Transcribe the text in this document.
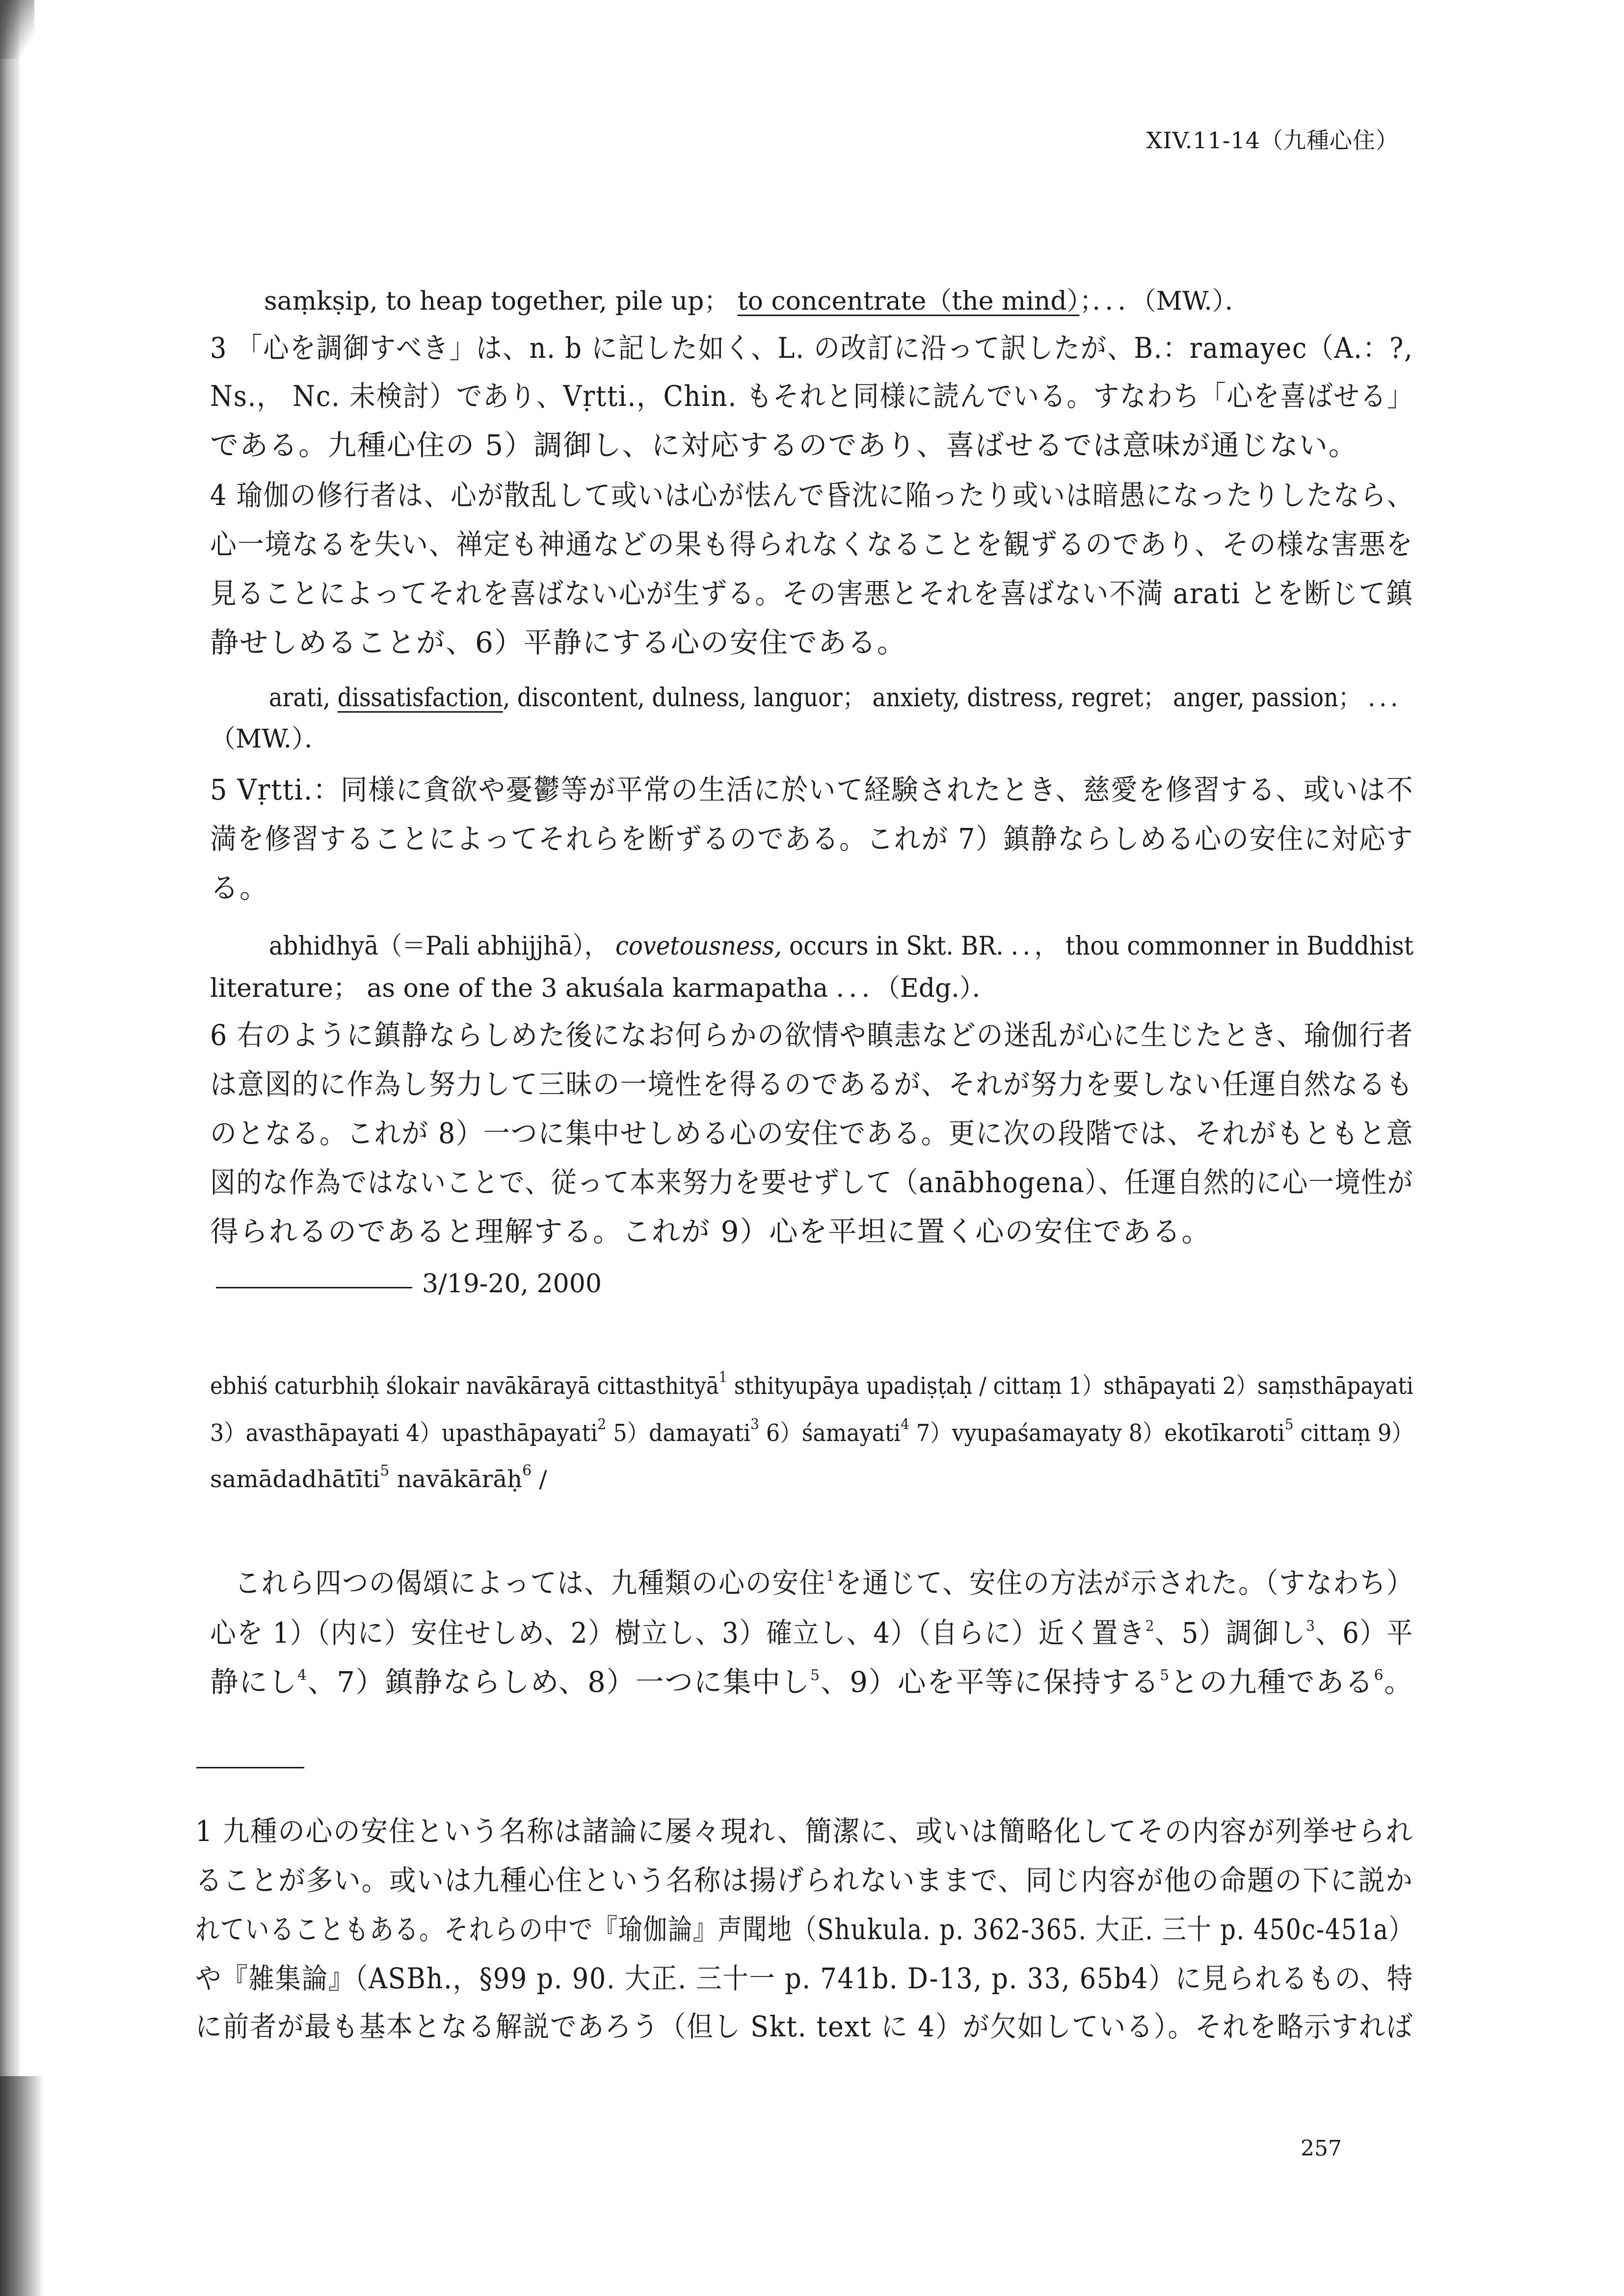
XIV.11-14（九種心住）
saṃkṣip, to heap together, pile up； to concentrate（the mind）；．．．（MW.）．
3 「心を調御すべき」は、n. b に記した如く、L. の改訂に沿って訳したが、B.：ramayec（A.：?,
Ns.， Nc. 未検討）であり、Vṛtti.，Chin. もそれと同様に読んでいる。すなわち「心を喜ばせる」
である。九種心住の 5）調御し、に対応するのであり、喜ばせるでは意味が通じない。
4 瑜伽の修行者は、心が散乱して或いは心が怯んで昏沈に陥ったり或いは暗愚になったりしたなら、
心一境なるを失い、禅定も神通などの果も得られなくなることを観ずるのであり、その様な害悪を
見ることによってそれを喜ばない心が生ずる。その害悪とそれを喜ばない不満 arati とを断じて鎮
静せしめることが、6）平静にする心の安住である。
arati, dissatisfaction, discontent, dulness, languor； anxiety, distress, regret； anger, passion； ．．．
（MW.）．
5 Vṛtti.：同様に貪欲や憂鬱等が平常の生活に於いて経験されたとき、慈愛を修習する、或いは不
満を修習することによってそれらを断ずるのである。これが 7）鎮静ならしめる心の安住に対応す
る。
abhidhyā（＝Pali abhijjhā）， covetousness, occurs in Skt. BR. ．．， thou commonner in Buddhist
literature； as one of the 3 akuśala karmapatha ．．．（Edg.）．
6 右のように鎮静ならしめた後になお何らかの欲情や瞋恚などの迷乱が心に生じたとき、瑜伽行者
は意図的に作為し努力して三昧の一境性を得るのであるが、それが努力を要しない任運自然なるも
のとなる。これが 8）一つに集中せしめる心の安住である。更に次の段階では、それがもともと意
図的な作為ではないことで、従って本来努力を要せずして（anābhogena）、任運自然的に心一境性が
得られるのであると理解する。これが 9）心を平坦に置く心の安住である。
3/19-20, 2000
ebhiś caturbhiḥ ślokair navākārayā cittasthityā$^1$ sthityupāya upadiṣṭaḥ / cittaṃ 1）sthāpayati 2）saṃsthāpayati
3）avasthāpayati 4）upasthāpayati$^2$ 5）damayati$^3$ 6）śamayati$^4$ 7）vyupaśamayaty 8）ekotīkaroti$^5$ cittaṃ 9）
samādadhātīti$^5$ navākārāḥ$^6$ /
これら四つの偈頌によっては、九種類の心の安住$^1$を通じて、安住の方法が示された。（すなわち）
心を 1）（内に）安住せしめ、2）樹立し、3）確立し、4）（自らに）近く置き$^2$、5）調御し$^3$、6）平
静にし$^4$、7）鎮静ならしめ、8）一つに集中し$^5$、9）心を平等に保持する$^5$との九種である$^6$。
1 九種の心の安住という名称は諸論に屡々現れ、簡潔に、或いは簡略化してその内容が列挙せられ
ることが多い。或いは九種心住という名称は揚げられないままで、同じ内容が他の命題の下に説か
れていることもある。それらの中で『瑜伽論』声聞地（Shukula. p. 362-365. 大正. 三十 p. 450c-451a）
や『雑集論』（ASBh.，§99 p. 90. 大正. 三十一 p. 741b. D-13, p. 33, 65b4）に見られるもの、特
に前者が最も基本となる解説であろう（但し Skt. text に 4）が欠如している）。それを略示すれば
257
